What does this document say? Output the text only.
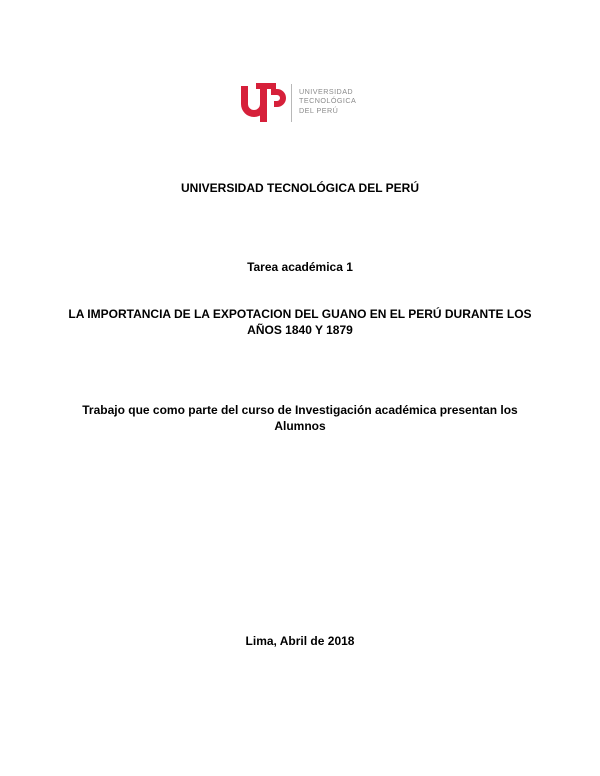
UNIVERSIDAD
TECNOLÓGICA
DEL PERÚ
UNIVERSIDAD TECNOLÓGICA DEL PERÚ
Tarea académica 1
LA IMPORTANCIA DE LA EXPOTACION DEL GUANO EN EL PERÚ DURANTE LOS
AÑOS 1840 Y 1879
Trabajo que como parte del curso de Investigación académica presentan los
Alumnos
Lima, Abril de 2018
